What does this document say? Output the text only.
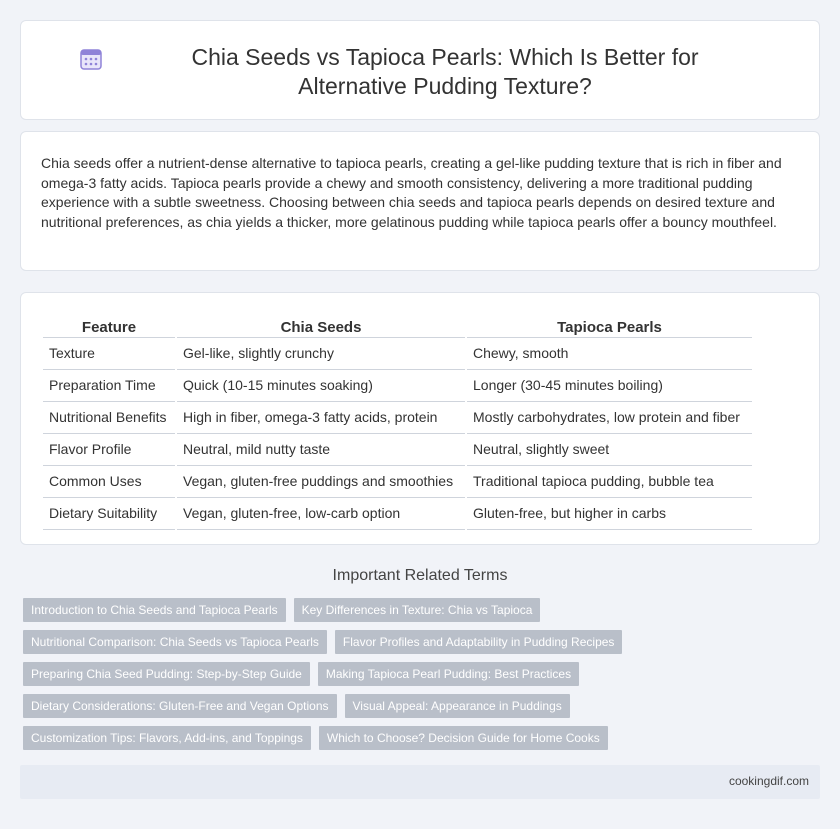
Chia Seeds vs Tapioca Pearls: Which Is Better for Alternative Pudding Texture?

Chia seeds offer a nutrient-dense alternative to tapioca pearls, creating a gel-like pudding texture that is rich in fiber and omega-3 fatty acids. Tapioca pearls provide a chewy and smooth consistency, delivering a more traditional pudding experience with a subtle sweetness. Choosing between chia seeds and tapioca pearls depends on desired texture and nutritional preferences, as chia yields a thicker, more gelatinous pudding while tapioca pearls offer a bouncy mouthfeel.

Feature	Chia Seeds	Tapioca Pearls
Texture	Gel-like, slightly crunchy	Chewy, smooth
Preparation Time	Quick (10-15 minutes soaking)	Longer (30-45 minutes boiling)
Nutritional Benefits	High in fiber, omega-3 fatty acids, protein	Mostly carbohydrates, low protein and fiber
Flavor Profile	Neutral, mild nutty taste	Neutral, slightly sweet
Common Uses	Vegan, gluten-free puddings and smoothies	Traditional tapioca pudding, bubble tea
Dietary Suitability	Vegan, gluten-free, low-carb option	Gluten-free, but higher in carbs
Important Related Terms
Introduction to Chia Seeds and Tapioca Pearls	Key Differences in Texture: Chia vs Tapioca
Nutritional Comparison: Chia Seeds vs Tapioca Pearls	Flavor Profiles and Adaptability in Pudding Recipes
Preparing Chia Seed Pudding: Step-by-Step Guide	Making Tapioca Pearl Pudding: Best Practices
Dietary Considerations: Gluten-Free and Vegan Options	Visual Appeal: Appearance in Puddings
Customization Tips: Flavors, Add-ins, and Toppings	Which to Choose? Decision Guide for Home Cooks
cookingdif.com
